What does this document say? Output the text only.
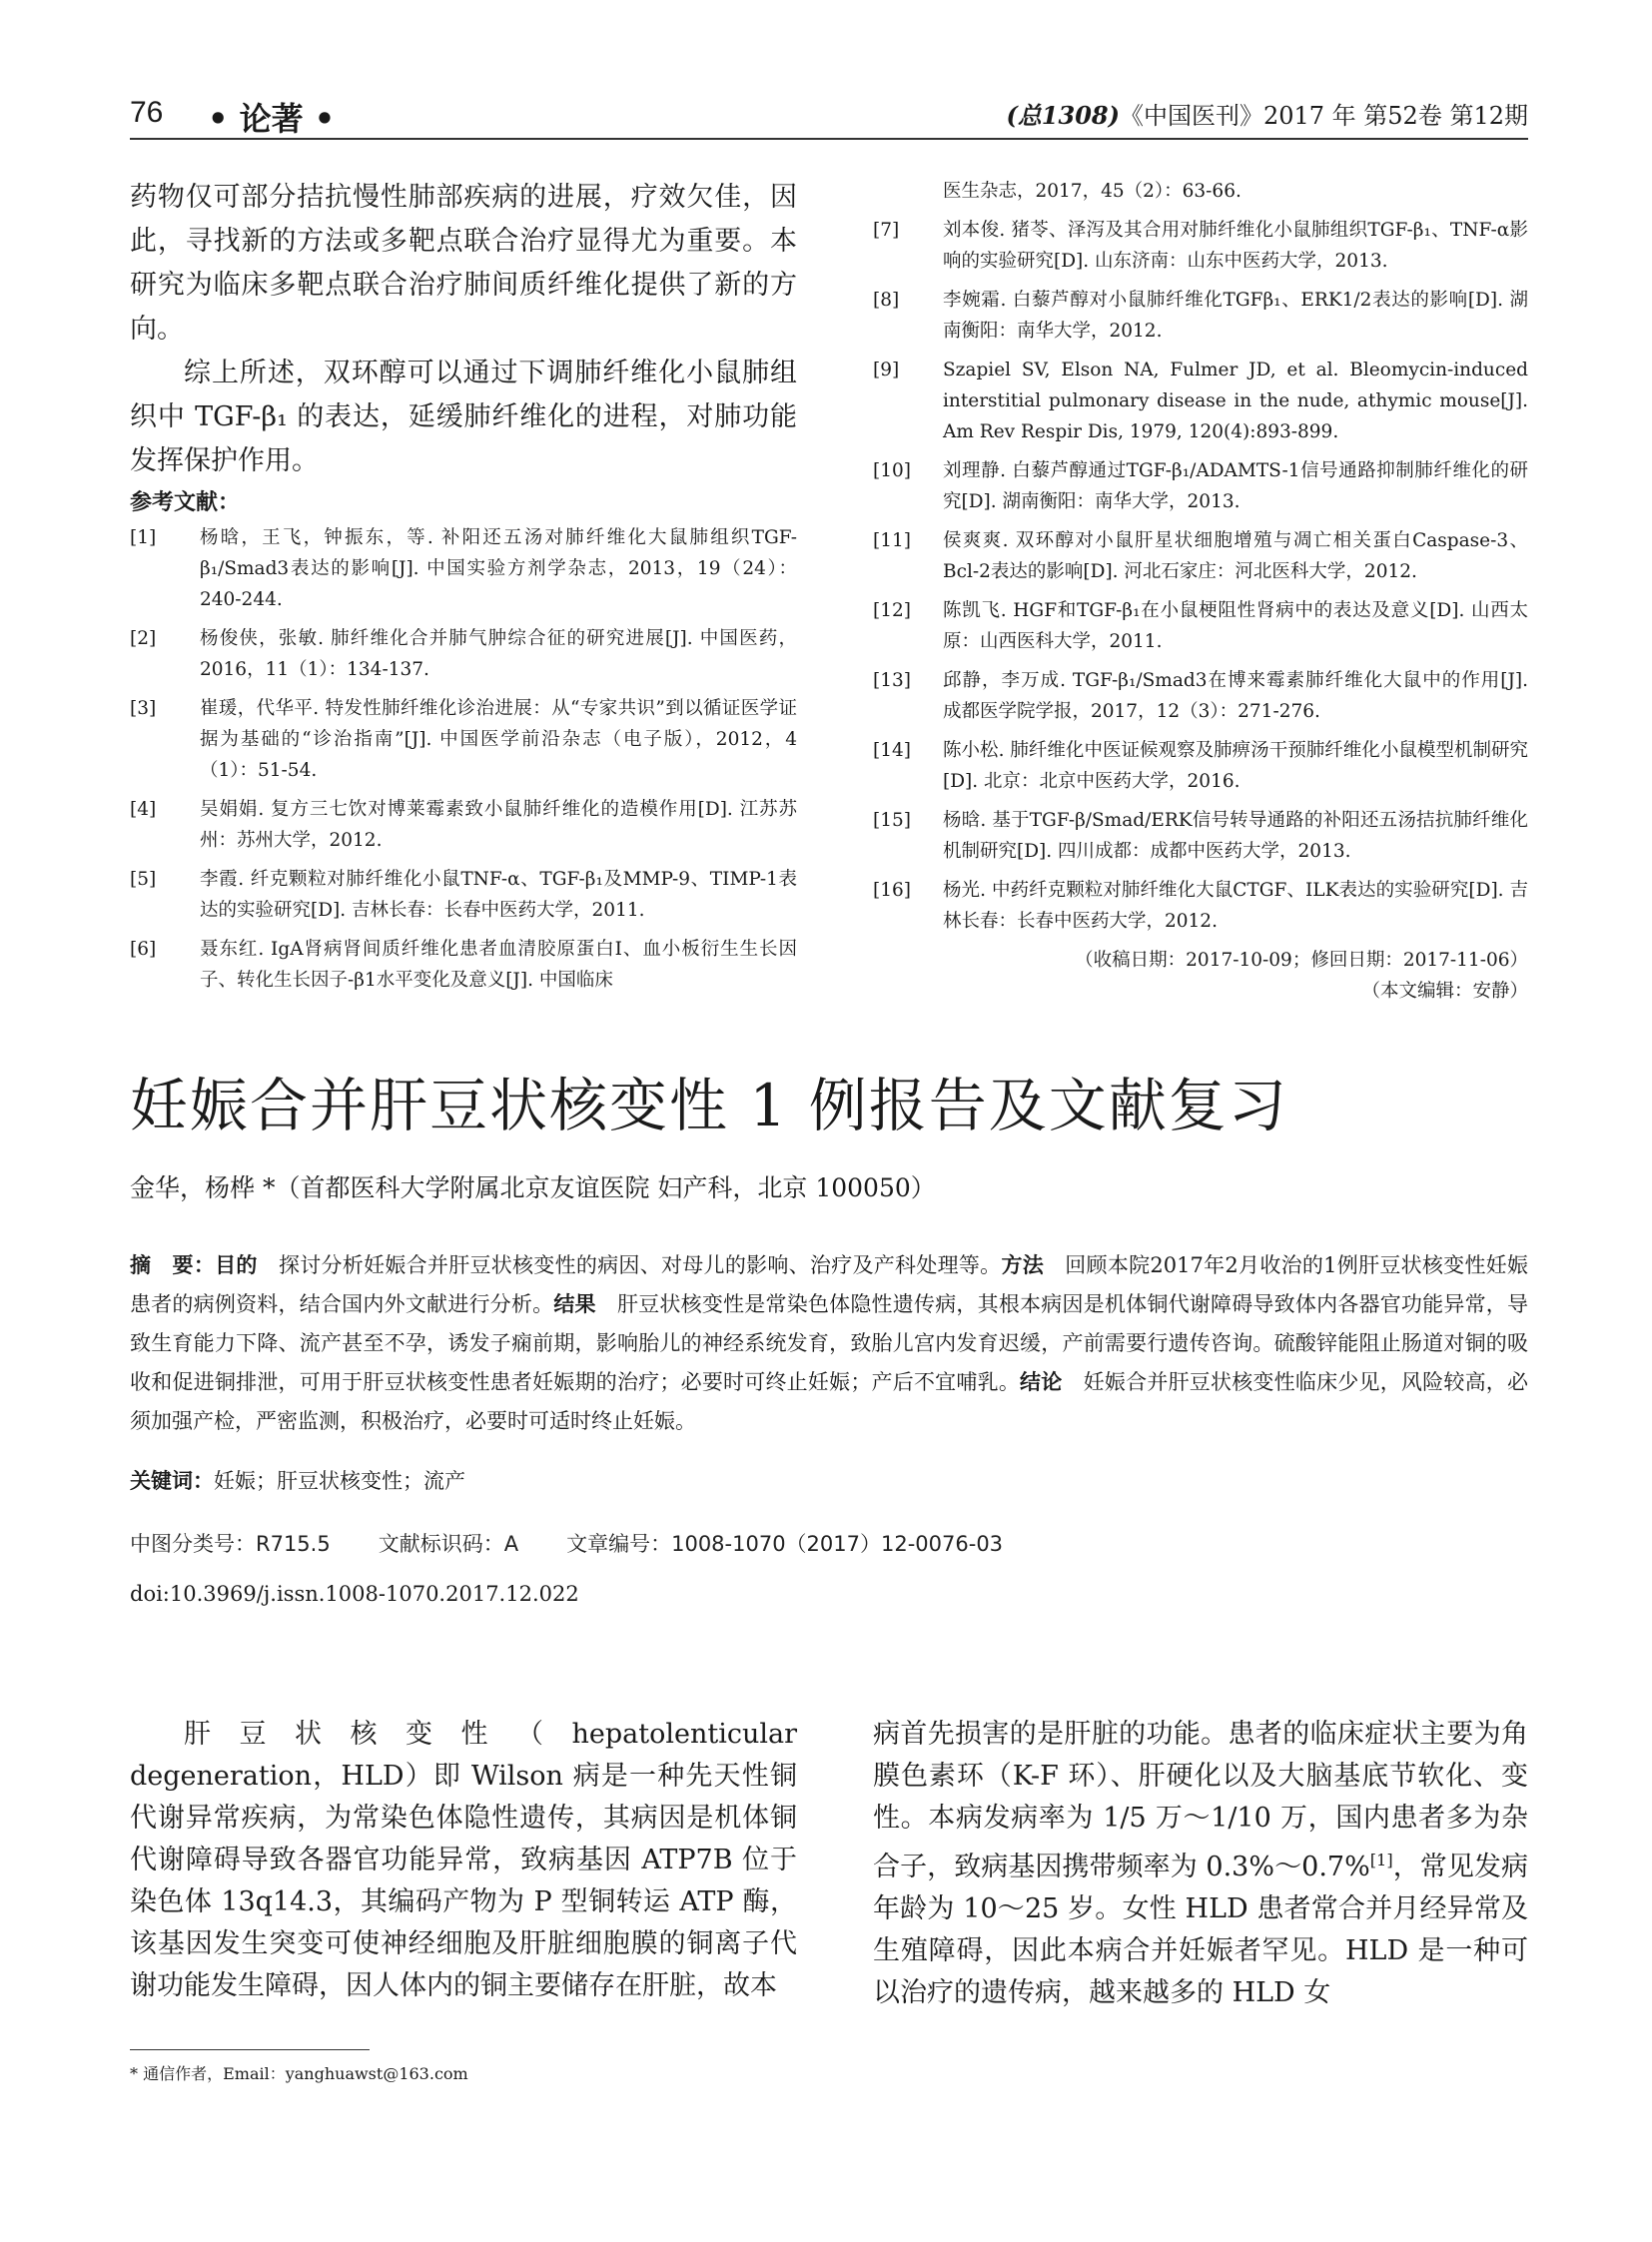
76 • 论著 •	(总1308)《中国医刊》2017 年 第52卷 第12期

药物仅可部分拮抗慢性肺部疾病的进展，疗效欠佳，因此，寻找新的方法或多靶点联合治疗显得尤为重要。本研究为临床多靶点联合治疗肺间质纤维化提供了新的方向。

综上所述，双环醇可以通过下调肺纤维化小鼠肺组织中 TGF-β₁ 的表达，延缓肺纤维化的进程，对肺功能发挥保护作用。

参考文献：
[1] 杨晗，王飞，钟振东，等. 补阳还五汤对肺纤维化大鼠肺组织TGF-β₁/Smad3表达的影响[J]. 中国实验方剂学杂志，2013，19（24）：240-244.
[2] 杨俊侠，张敏. 肺纤维化合并肺气肿综合征的研究进展[J]. 中国医药，2016，11（1）：134-137.
[3] 崔瑗，代华平. 特发性肺纤维化诊治进展：从“专家共识”到以循证医学证据为基础的“诊治指南”[J]. 中国医学前沿杂志（电子版），2012，4（1）：51-54.
[4] 吴娟娟. 复方三七饮对博莱霉素致小鼠肺纤维化的造模作用[D]. 江苏苏州：苏州大学，2012.
[5] 李霞. 纤克颗粒对肺纤维化小鼠TNF-α、TGF-β₁及MMP-9、TIMP-1表达的实验研究[D]. 吉林长春：长春中医药大学，2011.
[6] 聂东红. IgA肾病肾间质纤维化患者血清胶原蛋白I、血小板衍生生长因子、转化生长因子-β1水平变化及意义[J]. 中国临床
医生杂志，2017，45（2）：63-66.
[7] 刘本俊. 猪苓、泽泻及其合用对肺纤维化小鼠肺组织TGF-β₁、TNF-α影响的实验研究[D]. 山东济南：山东中医药大学，2013.
[8] 李婉霜. 白藜芦醇对小鼠肺纤维化TGFβ₁、ERK1/2表达的影响[D]. 湖南衡阳：南华大学，2012.
[9] Szapiel SV, Elson NA, Fulmer JD, et al. Bleomycin-induced interstitial pulmonary disease in the nude, athymic mouse[J]. Am Rev Respir Dis, 1979, 120(4):893-899.
[10] 刘理静. 白藜芦醇通过TGF-β₁/ADAMTS-1信号通路抑制肺纤维化的研究[D]. 湖南衡阳：南华大学，2013.
[11] 侯爽爽. 双环醇对小鼠肝星状细胞增殖与凋亡相关蛋白Caspase-3、Bcl-2表达的影响[D]. 河北石家庄：河北医科大学，2012.
[12] 陈凯飞. HGF和TGF-β₁在小鼠梗阻性肾病中的表达及意义[D]. 山西太原：山西医科大学，2011.
[13] 邱静，李万成. TGF-β₁/Smad3在博来霉素肺纤维化大鼠中的作用[J]. 成都医学院学报，2017，12（3）：271-276.
[14] 陈小松. 肺纤维化中医证候观察及肺痹汤干预肺纤维化小鼠模型机制研究[D]. 北京：北京中医药大学，2016.
[15] 杨晗. 基于TGF-β/Smad/ERK信号转导通路的补阳还五汤拮抗肺纤维化机制研究[D]. 四川成都：成都中医药大学，2013.
[16] 杨光. 中药纤克颗粒对肺纤维化大鼠CTGF、ILK表达的实验研究[D]. 吉林长春：长春中医药大学，2012.
（收稿日期：2017-10-09；修回日期：2017-11-06）
（本文编辑：安静）
妊娠合并肝豆状核变性 1 例报告及文献复习
金华，杨桦 *（首都医科大学附属北京友谊医院 妇产科，北京 100050）
摘　要：目的　 探讨分析妊娠合并肝豆状核变性的病因、对母儿的影响、治疗及产科处理等。方法　 回顾本院2017年2月收治的1例肝豆状核变性妊娠患者的病例资料，结合国内外文献进行分析。结果　 肝豆状核变性是常染色体隐性遗传病，其根本病因是机体铜代谢障碍导致体内各器官功能异常，导致生育能力下降、流产甚至不孕，诱发子痫前期，影响胎儿的神经系统发育，致胎儿宫内发育迟缓，产前需要行遗传咨询。硫酸锌能阻止肠道对铜的吸收和促进铜排泄，可用于肝豆状核变性患者妊娠期的治疗；必要时可终止妊娠；产后不宜哺乳。结论　 妊娠合并肝豆状核变性临床少见，风险较高，必须加强产检，严密监测，积极治疗，必要时可适时终止妊娠。
关键词：妊娠；肝豆状核变性；流产
中图分类号：R715.5 文献标识码：A 文章编号：1008-1070（2017）12-0076-03
doi:10.3969/j.issn.1008-1070.2017.12.022

肝豆状核变性（hepatolenticular degeneration，HLD）即 Wilson 病是一种先天性铜代谢异常疾病，为常染色体隐性遗传，其病因是机体铜代谢障碍导致各器官功能异常，致病基因 ATP7B 位于染色体 13q14.3，其编码产物为 P 型铜转运 ATP 酶，该基因发生突变可使神经细胞及肝脏细胞膜的铜离子代谢功能发生障碍，因人体内的铜主要储存在肝脏，故本

病首先损害的是肝脏的功能。患者的临床症状主要为角膜色素环（K-F 环）、肝硬化以及大脑基底节软化、变性。本病发病率为 1/5 万～1/10 万，国内患者多为杂合子，致病基因携带频率为 0.3%～0.7%[1]，常见发病年龄为 10～25 岁。女性 HLD 患者常合并月经异常及生殖障碍，因此本病合并妊娠者罕见。HLD 是一种可以治疗的遗传病，越来越多的 HLD 女

* 通信作者，Email：yanghuawst@163.com
